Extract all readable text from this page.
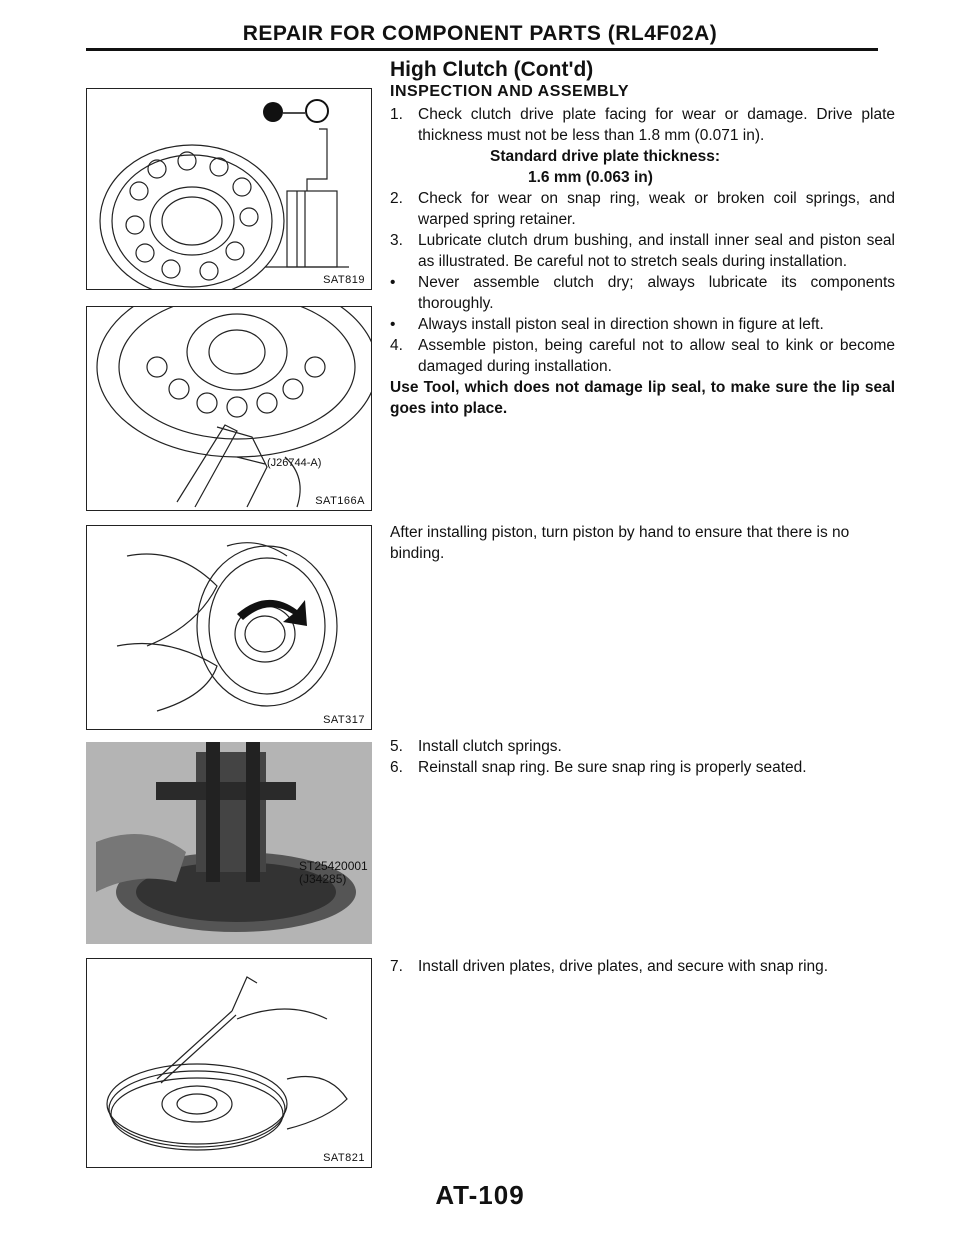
REPAIR FOR COMPONENT PARTS (RL4F02A)
SAT819
(J26744-A)
SAT166A
SAT317
ST25420001
(J34285)
SAT821
High Clutch (Cont'd)
INSPECTION AND ASSEMBLY

1. Check clutch drive plate facing for wear or damage. Drive plate thickness must not be less than 1.8 mm (0.071 in).

Standard drive plate thickness:

1.6 mm (0.063 in)

2. Check for wear on snap ring, weak or broken coil springs, and warped spring retainer.

3. Lubricate clutch drum bushing, and install inner seal and piston seal as illustrated. Be careful not to stretch seals during installation.

• Never assemble clutch dry; always lubricate its components thoroughly.

• Always install piston seal in direction shown in figure at left.

4. Assemble piston, being careful not to allow seal to kink or become damaged during installation.

Use Tool, which does not damage lip seal, to make sure the lip seal goes into place.

After installing piston, turn piston by hand to ensure that there is no binding.

5. Install clutch springs.

6. Reinstall snap ring. Be sure snap ring is properly seated.

7. Install driven plates, drive plates, and secure with snap ring.

AT-109
